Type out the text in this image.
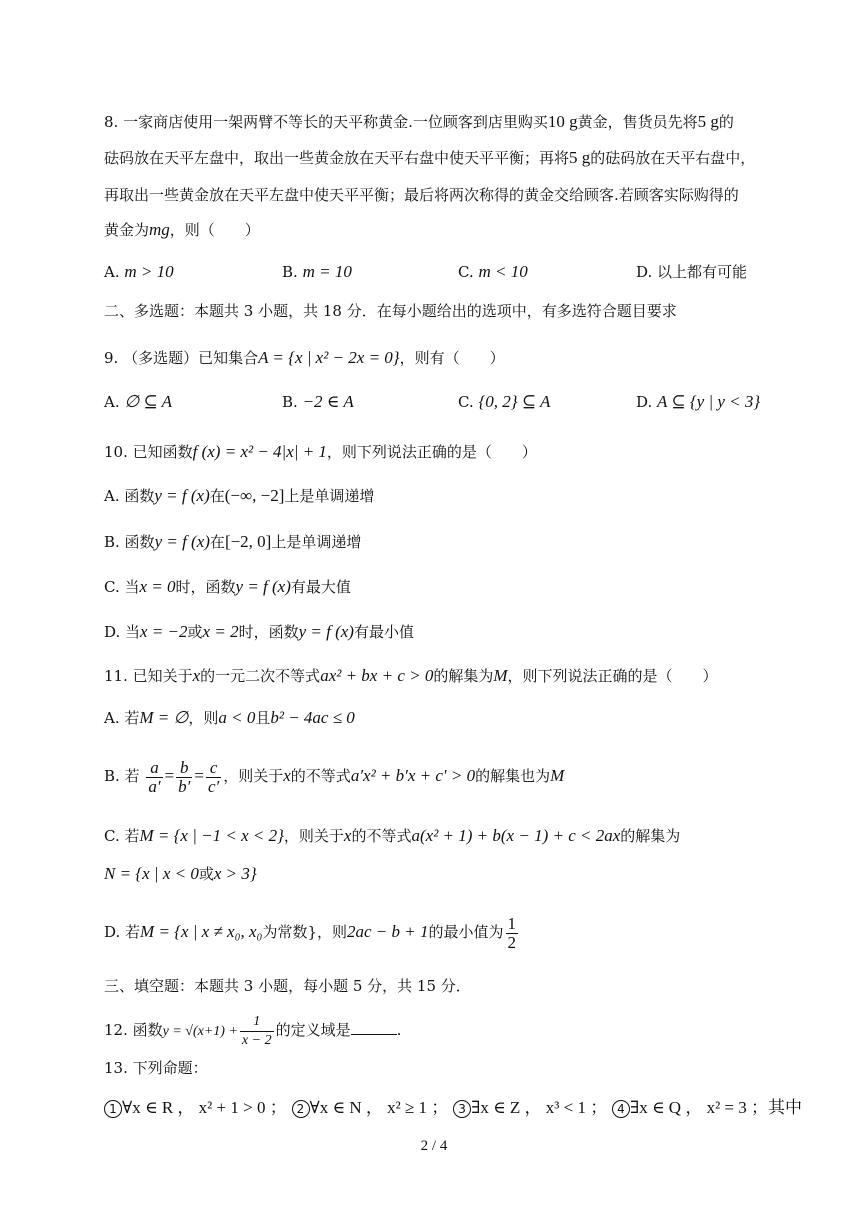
8. 一家商店使用一架两臂不等长的天平称黄金.一位顾客到店里购买10 g黄金，售货员先将5 g的
砝码放在天平左盘中，取出一些黄金放在天平右盘中使天平平衡；再将5 g的砝码放在天平右盘中，
再取出一些黄金放在天平左盘中使天平平衡；最后将两次称得的黄金交给顾客.若顾客实际购得的
黄金为mg，则（　　）
A. m > 10	B. m = 10	C. m < 10	D. 以上都有可能
二、多选题：本题共 3 小题，共 18 分．在每小题给出的选项中，有多选符合题目要求
9. （多选题）已知集合A = {x | x² − 2x = 0}，则有（　　）
A. ∅ ⊆ A	B. −2 ∈ A	C. {0, 2} ⊆ A	D. A ⊆ {y | y < 3}
10. 已知函数f (x) = x² − 4|x| + 1，则下列说法正确的是（　　）
A. 函数y = f (x)在(−∞, −2]上是单调递增
B. 函数y = f (x)在[−2, 0]上是单调递增
C. 当x = 0时，函数y = f (x)有最大值
D. 当x = −2或x = 2时，函数y = f (x)有最小值
11. 已知关于x的一元二次不等式ax² + bx + c > 0的解集为M，则下列说法正确的是（　　）
A. 若M = ∅，则a < 0且b² − 4ac ≤ 0
B. 若 $\frac{a}{a'} = \frac{b}{b'} = \frac{c}{c'}$ ，则关于x的不等式a′x² + b′x + c′ > 0的解集也为M
C. 若M = {x | −1 < x < 2}，则关于x的不等式a(x² + 1) + b(x − 1) + c < 2ax的解集为
N = {x | x < 0或x > 3}
D. 若M = {x | x ≠ x₀, x₀为常数}，则2ac − b + 1的最小值为 $\frac{1}{2}$
三、填空题：本题共 3 小题，每小题 5 分，共 15 分．
12. 函数$y = √(x+1) + \frac{1}{x - 2}$ 的定义域是	.
13. 下列命题：
1 ∀x ∈ R ， x² + 1 > 0 ； 2 ∀x ∈ N ， x² ≥ 1 ； 3 ∃x ∈ Z ， x³ < 1 ； 4 ∃x ∈ Q ， x² = 3 ；其中
2 / 4
